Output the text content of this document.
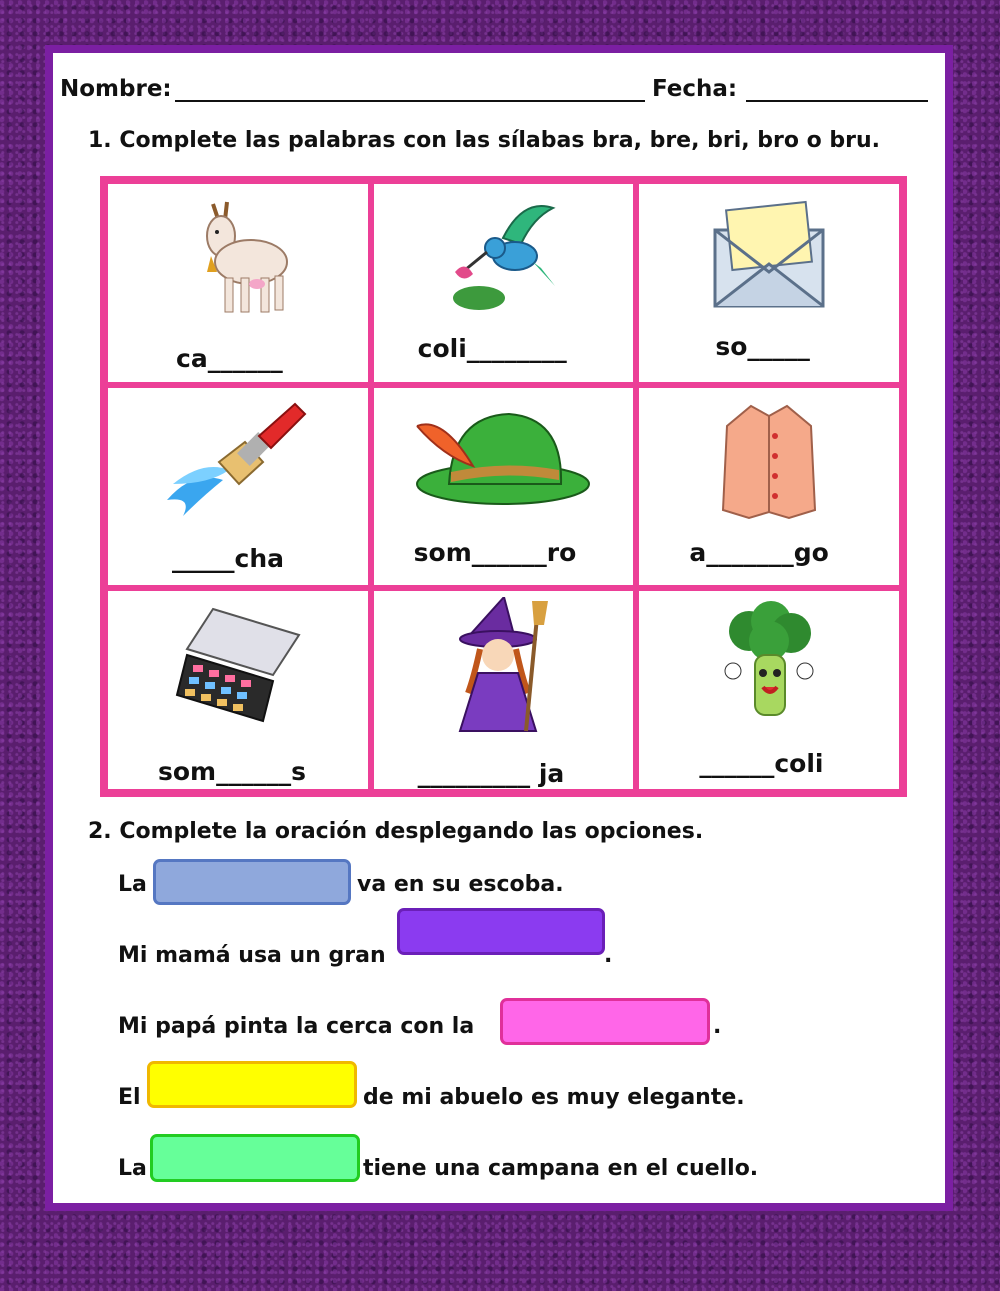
Nombre:	Fecha:
1. Complete las palabras con las sílabas bra, bre, bri, bro o bru.
ca______	coli________	so_____
_____cha	som______ro	a_______go
som______s	_________ ja	______coli
2. Complete la oración desplegando las opciones.
La	va en su escoba.
Mi mamá usa un gran	.
Mi papá pinta la cerca con la	.
El	de mi abuelo es muy elegante.
La	tiene una campana en el cuello.
